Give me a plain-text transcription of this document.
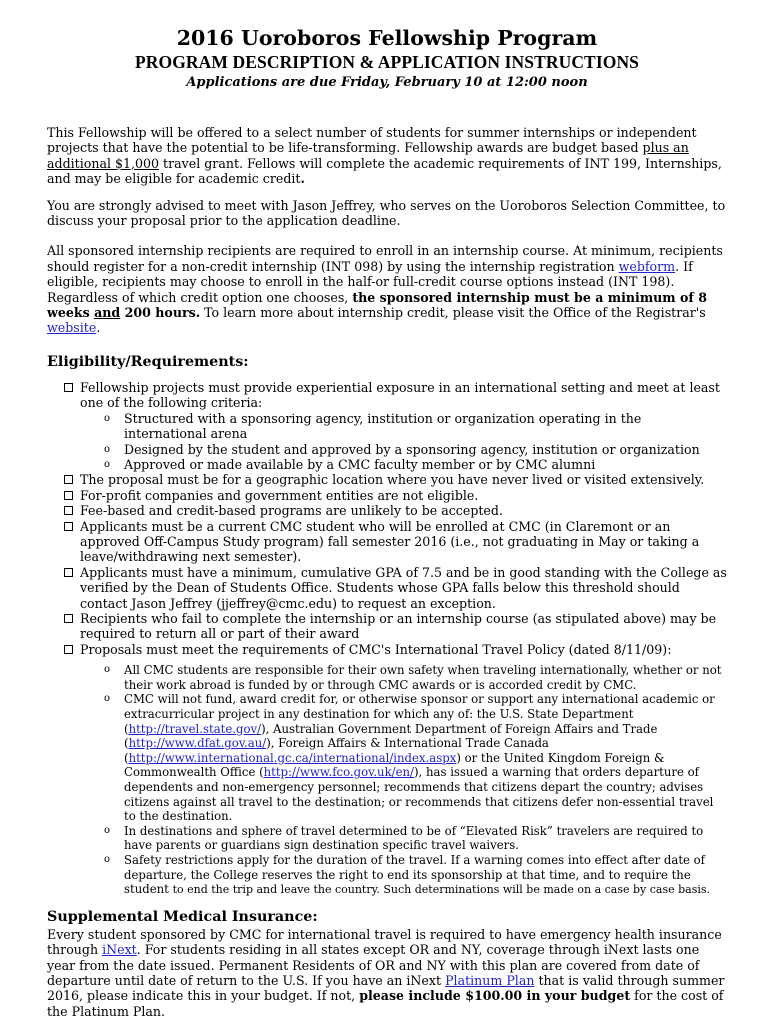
2016 Uoroboros Fellowship Program
PROGRAM DESCRIPTION & APPLICATION INSTRUCTIONS
Applications are due Friday, February 10 at 12:00 noon

This Fellowship will be offered to a select number of students for summer internships or independent projects that have the potential to be life-transforming. Fellowship awards are budget based plus an additional $1,000 travel grant. Fellows will complete the academic requirements of INT 199, Internships, and may be eligible for academic credit.

You are strongly advised to meet with Jason Jeffrey, who serves on the Uoroboros Selection Committee, to discuss your proposal prior to the application deadline.

All sponsored internship recipients are required to enroll in an internship course. At minimum, recipients should register for a non-credit internship (INT 098) by using the internship registration webform. If eligible, recipients may choose to enroll in the half-or full-credit course options instead (INT 198). Regardless of which credit option one chooses, the sponsored internship must be a minimum of 8 weeks and 200 hours. To learn more about internship credit, please visit the Office of the Registrar's website.

Eligibility/Requirements:
Fellowship projects must provide experiential exposure in an international setting and meet at least one of the following criteria:
o Structured with a sponsoring agency, institution or organization operating in the international arena
o Designed by the student and approved by a sponsoring agency, institution or organization
o Approved or made available by a CMC faculty member or by CMC alumni
The proposal must be for a geographic location where you have never lived or visited extensively.
For-profit companies and government entities are not eligible.
Fee-based and credit-based programs are unlikely to be accepted.
Applicants must be a current CMC student who will be enrolled at CMC (in Claremont or an approved Off-Campus Study program) fall semester 2016 (i.e., not graduating in May or taking a leave/withdrawing next semester).
Applicants must have a minimum, cumulative GPA of 7.5 and be in good standing with the College as verified by the Dean of Students Office. Students whose GPA falls below this threshold should contact Jason Jeffrey (jjeffrey@cmc.edu) to request an exception.
Recipients who fail to complete the internship or an internship course (as stipulated above) may be required to return all or part of their award
Proposals must meet the requirements of CMC's International Travel Policy (dated 8/11/09):
o All CMC students are responsible for their own safety when traveling internationally, whether or not their work abroad is funded by or through CMC awards or is accorded credit by CMC.
o CMC will not fund, award credit for, or otherwise sponsor or support any international academic or extracurricular project in any destination for which any of: the U.S. State Department (http://travel.state.gov/), Australian Government Department of Foreign Affairs and Trade (http://www.dfat.gov.au/), Foreign Affairs & International Trade Canada (http://www.international.gc.ca/international/index.aspx) or the United Kingdom Foreign & Commonwealth Office (http://www.fco.gov.uk/en/), has issued a warning that orders departure of dependents and non-emergency personnel; recommends that citizens depart the country; advises citizens against all travel to the destination; or recommends that citizens defer non-essential travel to the destination.
o In destinations and sphere of travel determined to be of “Elevated Risk” travelers are required to have parents or guardians sign destination specific travel waivers.
o Safety restrictions apply for the duration of the travel. If a warning comes into effect after date of departure, the College reserves the right to end its sponsorship at that time, and to require the student to end the trip and leave the country. Such determinations will be made on a case by case basis.
Supplemental Medical Insurance:

Every student sponsored by CMC for international travel is required to have emergency health insurance through iNext. For students residing in all states except OR and NY, coverage through iNext lasts one year from the date issued. Permanent Residents of OR and NY with this plan are covered from date of departure until date of return to the U.S. If you have an iNext Platinum Plan that is valid through summer 2016, please indicate this in your budget. If not, please include $100.00 in your budget for the cost of the Platinum Plan.
